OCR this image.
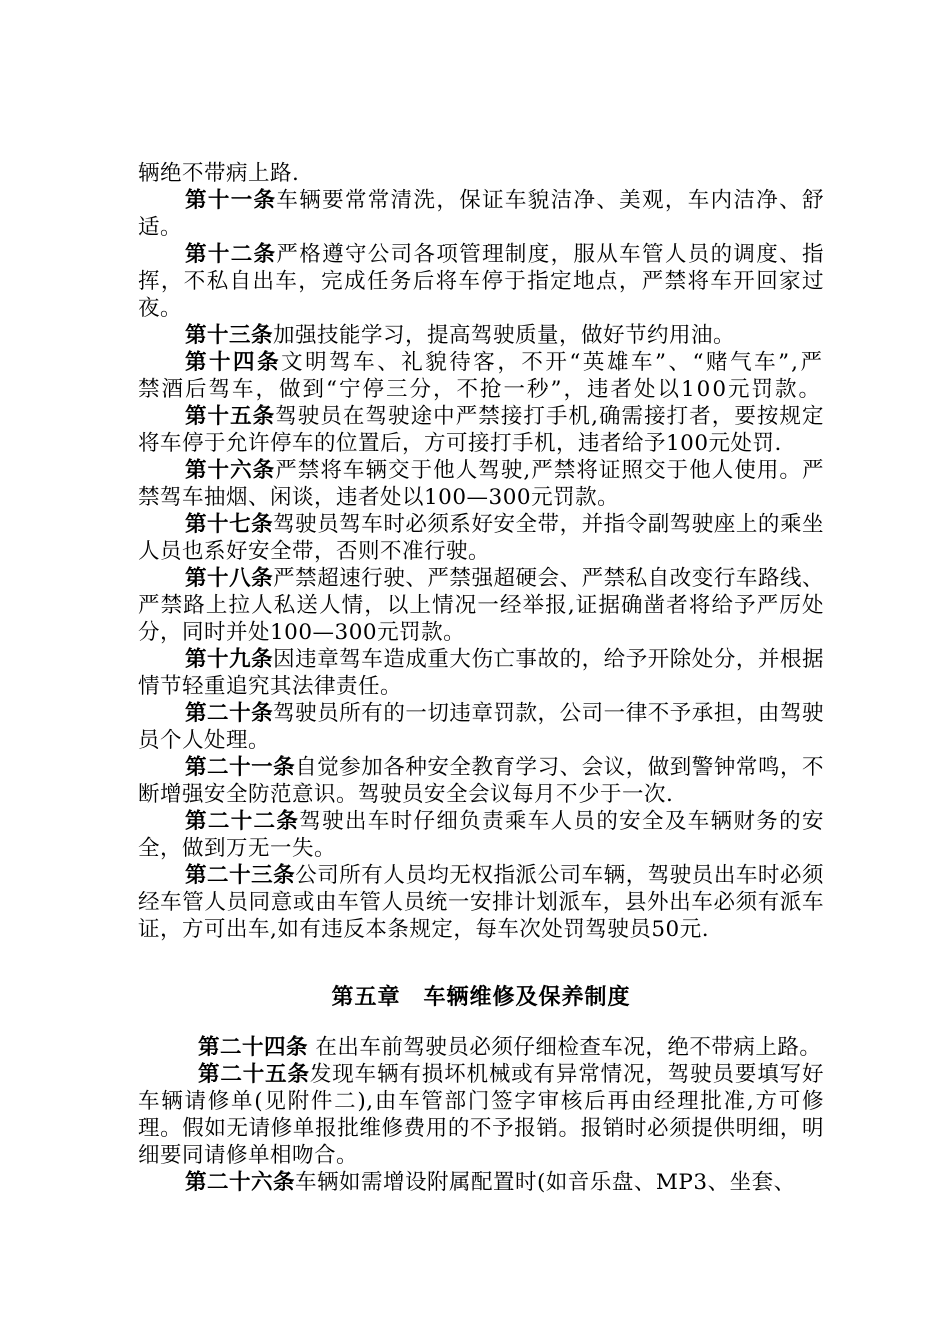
辆绝不带病上路.

第十一条车辆要常常清洗，保证车貌洁净、美观，车内洁净、舒适。

第十二条严格遵守公司各项管理制度，服从车管人员的调度、指挥，不私自出车，完成任务后将车停于指定地点，严禁将车开回家过夜。

第十三条加强技能学习，提高驾驶质量，做好节约用油。

第十四条文明驾车、礼貌待客，不开“英雄车”、“赌气车”,严禁酒后驾车，做到“宁停三分，不抢一秒”，违者处以100元罚款。

第十五条驾驶员在驾驶途中严禁接打手机,确需接打者，要按规定将车停于允许停车的位置后，方可接打手机，违者给予100元处罚.

第十六条严禁将车辆交于他人驾驶,严禁将证照交于他人使用。严禁驾车抽烟、闲谈，违者处以100—300元罚款。

第十七条驾驶员驾车时必须系好安全带，并指令副驾驶座上的乘坐人员也系好安全带，否则不准行驶。

第十八条严禁超速行驶、严禁强超硬会、严禁私自改变行车路线、严禁路上拉人私送人情，以上情况一经举报,证据确凿者将给予严厉处分，同时并处100—300元罚款。

第十九条因违章驾车造成重大伤亡事故的，给予开除处分，并根据情节轻重追究其法律责任。

第二十条驾驶员所有的一切违章罚款，公司一律不予承担，由驾驶员个人处理。

第二十一条自觉参加各种安全教育学习、会议，做到警钟常鸣，不断增强安全防范意识。驾驶员安全会议每月不少于一次.

第二十二条驾驶出车时仔细负责乘车人员的安全及车辆财务的安全，做到万无一失。

第二十三条公司所有人员均无权指派公司车辆，驾驶员出车时必须经车管人员同意或由车管人员统一安排计划派车，县外出车必须有派车证，方可出车,如有违反本条规定，每车次处罚驾驶员50元.

第五章　车辆维修及保养制度

第二十四条 在出车前驾驶员必须仔细检查车况，绝不带病上路。

第二十五条发现车辆有损坏机械或有异常情况，驾驶员要填写好车辆请修单(见附件二),由车管部门签字审核后再由经理批准,方可修理。假如无请修单报批维修费用的不予报销。报销时必须提供明细，明细要同请修单相吻合。

第二十六条车辆如需增设附属配置时(如音乐盘、MP3、坐套、
